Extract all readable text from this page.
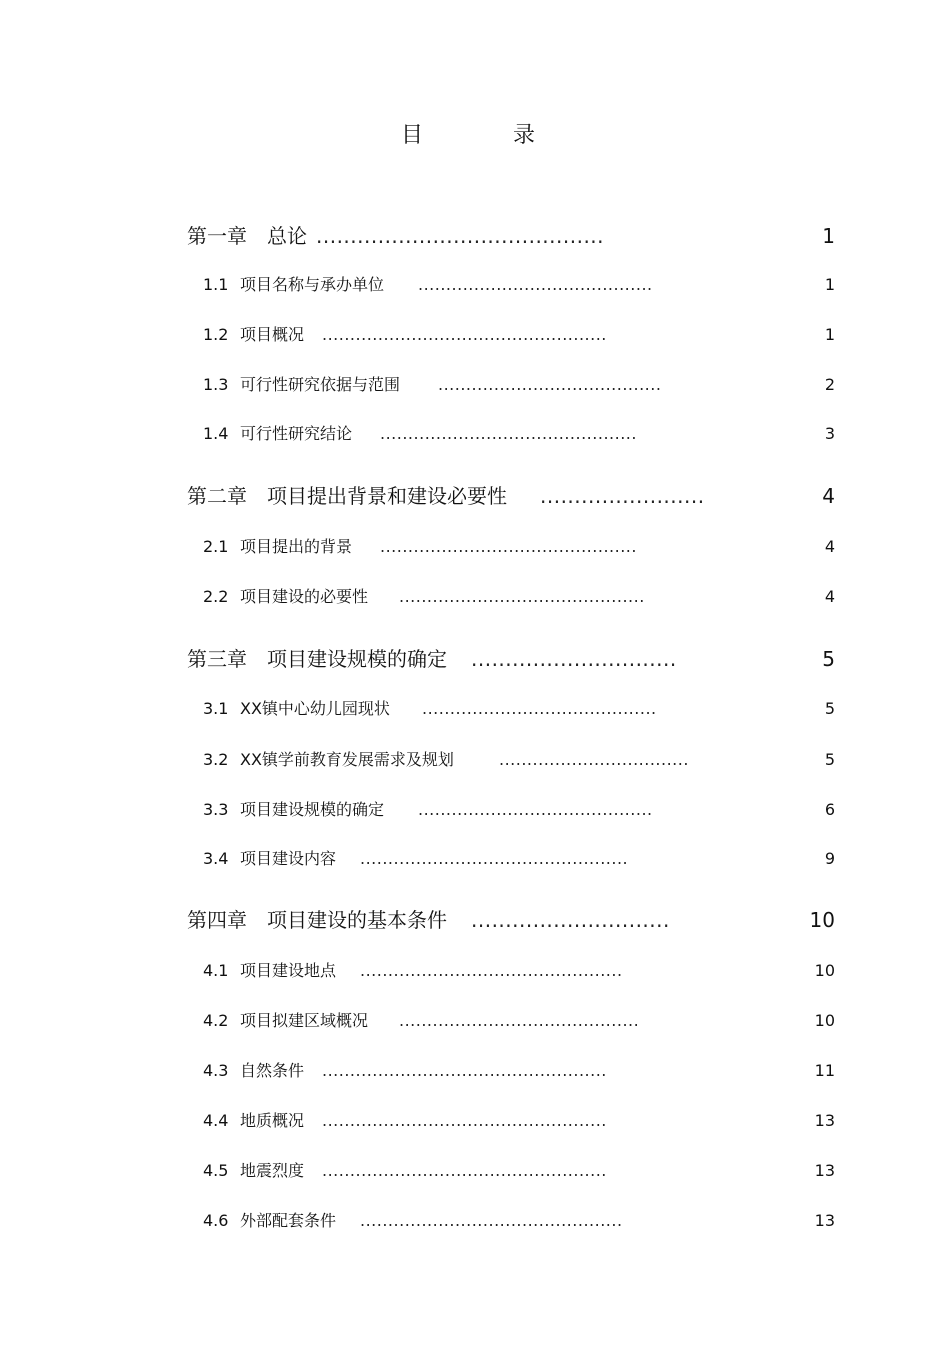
目　录
第一章 总论 ..........................................	1
1.1 项目名称与承办单位 ..........................................	1
1.2 项目概况 ...................................................	1
1.3 可行性研究依据与范围 ........................................	2
1.4 可行性研究结论 ..............................................	3
第二章 项目提出背景和建设必要性 ........................	4
2.1 项目提出的背景 ..............................................	4
2.2 项目建设的必要性 ............................................	4
第三章 项目建设规模的确定 ..............................	5
3.1 XX镇中心幼儿园现状 ..........................................	5
3.2 XX镇学前教育发展需求及规划	..................................	5
3.3 项目建设规模的确定 ..........................................	6
3.4 项目建设内容 ................................................	9
第四章 项目建设的基本条件 .............................	10
4.1 项目建设地点 ...............................................	10
4.2 项目拟建区域概况 ...........................................	10
4.3 自然条件 ...................................................	11
4.4 地质概况 ...................................................	13
4.5 地震烈度 ...................................................	13
4.6 外部配套条件 ...............................................	13
